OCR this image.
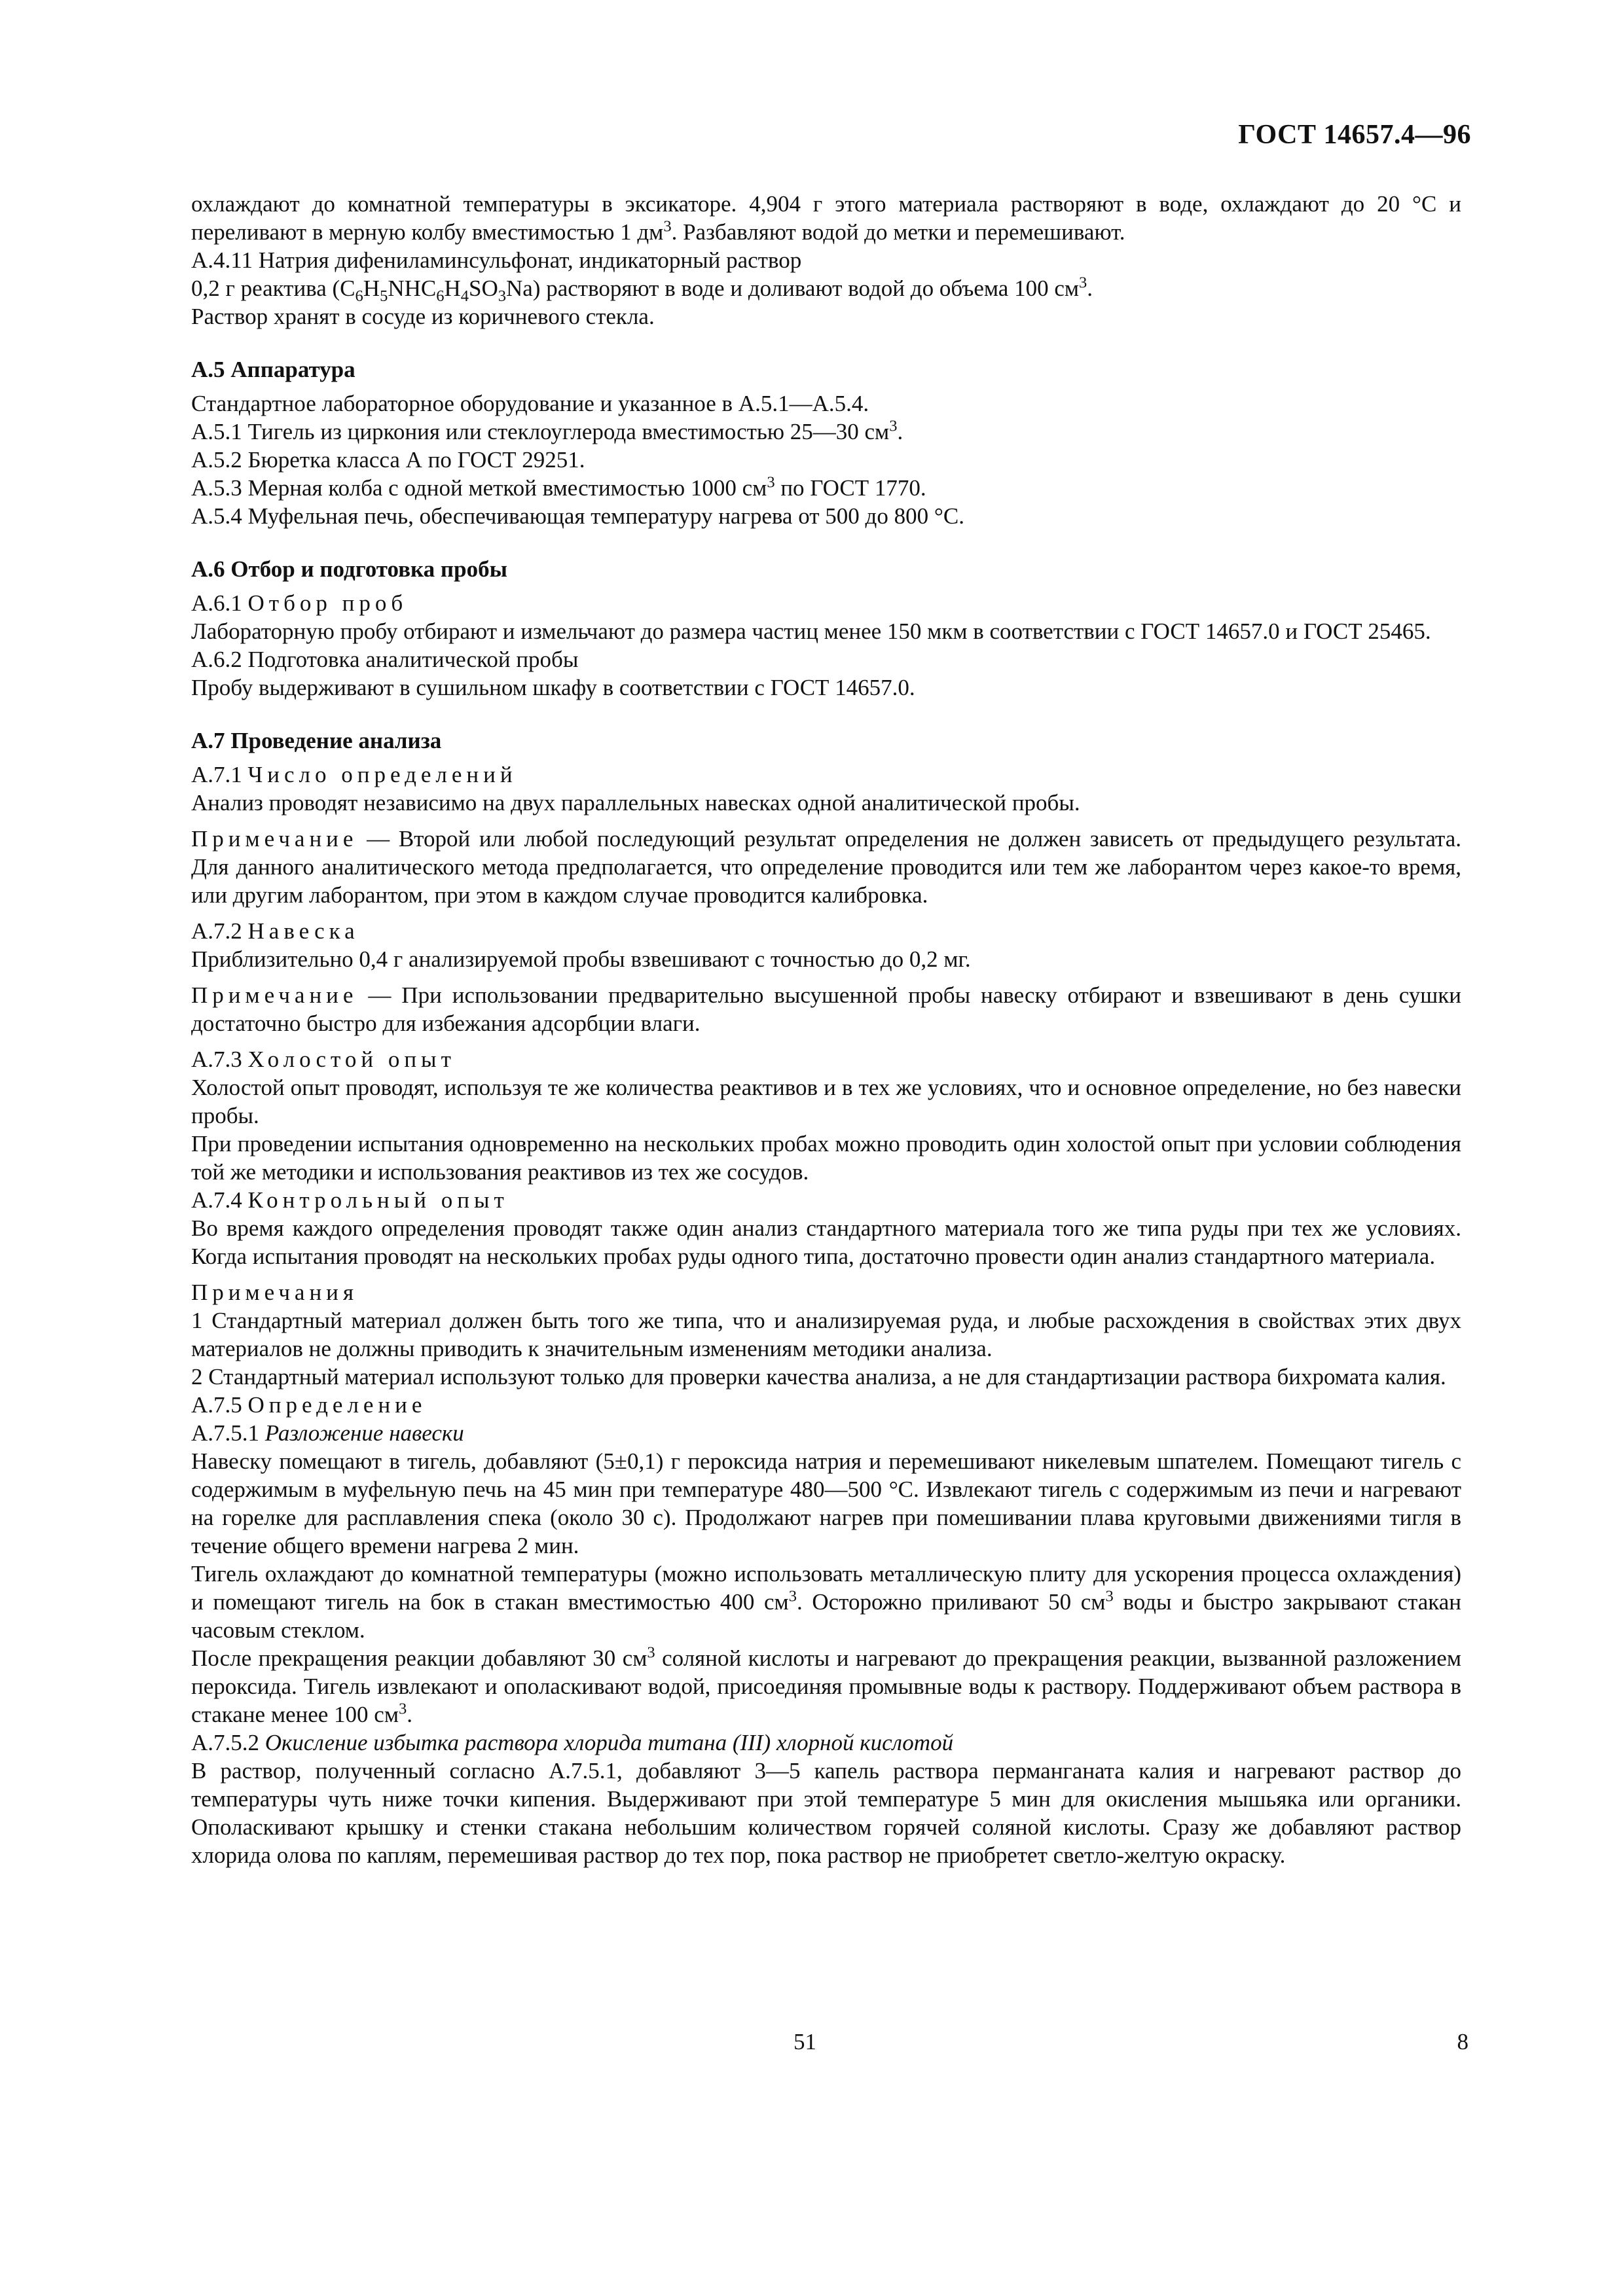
ГОСТ 14657.4—96

охлаждают до комнатной температуры в эксикаторе. 4,904 г этого материала растворяют в воде, охлаждают до 20 °С и переливают в мерную колбу вместимостью 1 $дм^3$. Разбавляют водой до метки и перемешивают.

А.4.11 Натрия дифениламинсульфонат, индикаторный раствор

0,2 г реактива $(C_6H_5NHC_6H_4SO_3Na)$ растворяют в воде и доливают водой до объема 100 $см^3$.

Раствор хранят в сосуде из коричневого стекла.

А.5 Аппаратура

Стандартное лабораторное оборудование и указанное в А.5.1—А.5.4.

А.5.1 Тигель из циркония или стеклоуглерода вместимостью 25—30 $см^3$.

А.5.2 Бюретка класса А по ГОСТ 29251.

А.5.3 Мерная колба с одной меткой вместимостью 1000 $см^3$ по ГОСТ 1770.

А.5.4 Муфельная печь, обеспечивающая температуру нагрева от 500 до 800 °С.

А.6 Отбор и подготовка пробы

А.6.1 Отбор проб

Лабораторную пробу отбирают и измельчают до размера частиц менее 150 мкм в соответствии с ГОСТ 14657.0 и ГОСТ 25465.

А.6.2 Подготовка аналитической пробы

Пробу выдерживают в сушильном шкафу в соответствии с ГОСТ 14657.0.

А.7 Проведение анализа

А.7.1 Число определений

Анализ проводят независимо на двух параллельных навесках одной аналитической пробы.

Примечание — Второй или любой последующий результат определения не должен зависеть от предыдущего результата. Для данного аналитического метода предполагается, что определение проводится или тем же лаборантом через какое-то время, или другим лаборантом, при этом в каждом случае проводится калибровка.

А.7.2 Навеска

Приблизительно 0,4 г анализируемой пробы взвешивают с точностью до 0,2 мг.

Примечание — При использовании предварительно высушенной пробы навеску отбирают и взвешивают в день сушки достаточно быстро для избежания адсорбции влаги.

А.7.3 Холостой опыт

Холостой опыт проводят, используя те же количества реактивов и в тех же условиях, что и основное определение, но без навески пробы.

При проведении испытания одновременно на нескольких пробах можно проводить один холостой опыт при условии соблюдения той же методики и использования реактивов из тех же сосудов.

А.7.4 Контрольный опыт

Во время каждого определения проводят также один анализ стандартного материала того же типа руды при тех же условиях. Когда испытания проводят на нескольких пробах руды одного типа, достаточно провести один анализ стандартного материала.

Примечания

1 Стандартный материал должен быть того же типа, что и анализируемая руда, и любые расхождения в свойствах этих двух материалов не должны приводить к значительным изменениям методики анализа.

2 Стандартный материал используют только для проверки качества анализа, а не для стандартизации раствора бихромата калия.

А.7.5 Определение

А.7.5.1 Разложение навески

Навеску помещают в тигель, добавляют (5±0,1) г пероксида натрия и перемешивают никелевым шпателем. Помещают тигель с содержимым в муфельную печь на 45 мин при температуре 480—500 °С. Извлекают тигель с содержимым из печи и нагревают на горелке для расплавления спека (около 30 с). Продолжают нагрев при помешивании плава круговыми движениями тигля в течение общего времени нагрева 2 мин.

Тигель охлаждают до комнатной температуры (можно использовать металлическую плиту для ускорения процесса охлаждения) и помещают тигель на бок в стакан вместимостью 400 $см^3$. Осторожно приливают 50 $см^3$ воды и быстро закрывают стакан часовым стеклом.

После прекращения реакции добавляют 30 $см^3$ соляной кислоты и нагревают до прекращения реакции, вызванной разложением пероксида. Тигель извлекают и ополаскивают водой, присоединяя промывные воды к раствору. Поддерживают объем раствора в стакане менее 100 $см^3$.

А.7.5.2 Окисление избытка раствора хлорида титана (III) хлорной кислотой

В раствор, полученный согласно А.7.5.1, добавляют 3—5 капель раствора перманганата калия и нагревают раствор до температуры чуть ниже точки кипения. Выдерживают при этой температуре 5 мин для окисления мышьяка или органики. Ополаскивают крышку и стенки стакана небольшим количеством горячей соляной кислоты. Сразу же добавляют раствор хлорида олова по каплям, перемешивая раствор до тех пор, пока раствор не приобретет светло-желтую окраску.

51	8
